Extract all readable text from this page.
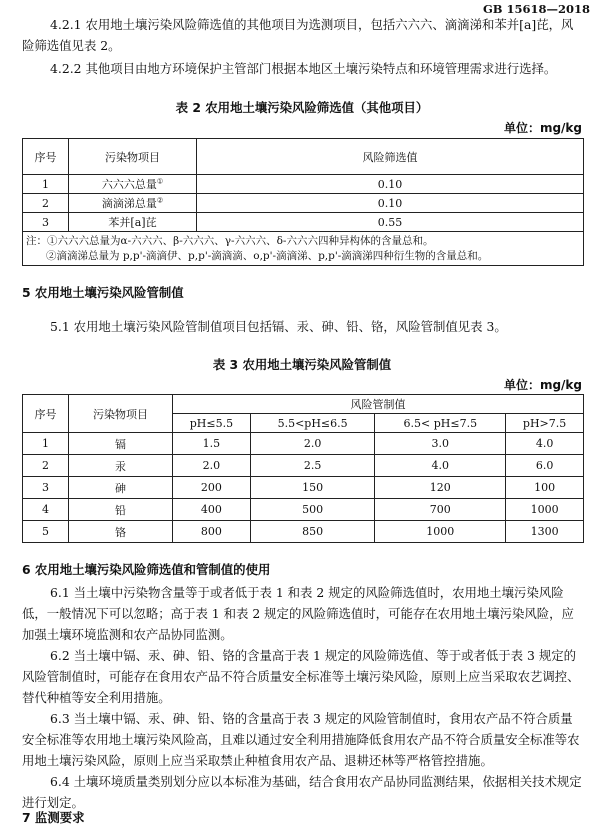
GB 15618—2018
4.2.1 农用地土壤污染风险筛选值的其他项目为选测项目，包括六六六、滴滴涕和苯并[a]芘，风险筛选值见表 2。
4.2.2 其他项目由地方环境保护主管部门根据本地区土壤污染特点和环境管理需求进行选择。
表 2 农用地土壤污染风险筛选值（其他项目）
单位：mg/kg
序号	污染物项目	风险筛选值
1	六六六总量①	0.10
2	滴滴涕总量②	0.10
3	苯并[a]芘	0.55

注：①六六六总量为α-六六六、β-六六六、γ-六六六、δ-六六六四种异构体的含量总和。
②滴滴涕总量为 p,p'-滴滴伊、p,p'-滴滴滴、o,p'-滴滴涕、p,p'-滴滴涕四种衍生物的含量总和。		
5 农用地土壤污染风险管制值
5.1 农用地土壤污染风险管制值项目包括镉、汞、砷、铅、铬，风险管制值见表 3。
表 3 农用地土壤污染风险管制值
单位：mg/kg
序号	污染物项目	风险管制值			
		pH≤5.5	5.5<pH≤6.5	6.5< pH≤7.5	pH>7.5
1	镉	1.5	2.0	3.0	4.0
2	汞	2.0	2.5	4.0	6.0
3	砷	200	150	120	100
4	铅	400	500	700	1000
5	铬	800	850	1000	1300
6 农用地土壤污染风险筛选值和管制值的使用
6.1 当土壤中污染物含量等于或者低于表 1 和表 2 规定的风险筛选值时，农用地土壤污染风险低，一般情况下可以忽略；高于表 1 和表 2 规定的风险筛选值时，可能存在农用地土壤污染风险，应加强土壤环境监测和农产品协同监测。
6.2 当土壤中镉、汞、砷、铅、铬的含量高于表 1 规定的风险筛选值、等于或者低于表 3 规定的风险管制值时，可能存在食用农产品不符合质量安全标准等土壤污染风险，原则上应当采取农艺调控、替代种植等安全利用措施。
6.3 当土壤中镉、汞、砷、铅、铬的含量高于表 3 规定的风险管制值时，食用农产品不符合质量安全标准等农用地土壤污染风险高，且难以通过安全利用措施降低食用农产品不符合质量安全标准等农用地土壤污染风险，原则上应当采取禁止种植食用农产品、退耕还林等严格管控措施。
6.4 土壤环境质量类别划分应以本标准为基础，结合食用农产品协同监测结果，依据相关技术规定进行划定。
7 监测要求
